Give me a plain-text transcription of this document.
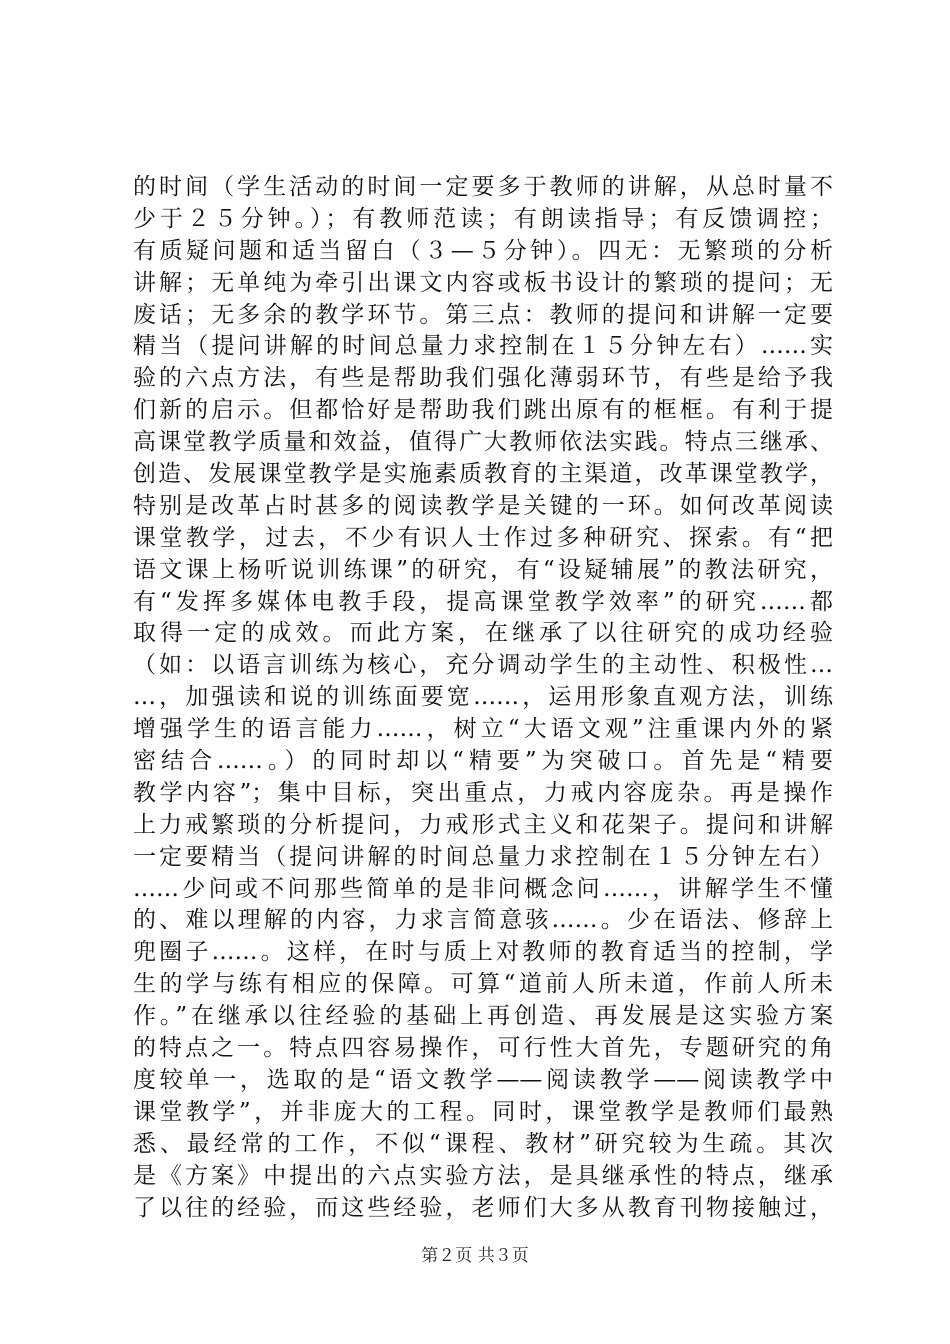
的时间（学生活动的时间一定要多于教师的讲解，从总时量不
少于２５分钟。）；有教师范读；有朗读指导；有反馈调控；
有质疑问题和适当留白（３—５分钟）。四无：无繁琐的分析
讲解；无单纯为牵引出课文内容或板书设计的繁琐的提问；无
废话；无多余的教学环节。第三点：教师的提问和讲解一定要
精当（提问讲解的时间总量力求控制在１５分钟左右）……实
验的六点方法，有些是帮助我们强化薄弱环节，有些是给予我
们新的启示。但都恰好是帮助我们跳出原有的框框。有利于提
高课堂教学质量和效益，值得广大教师依法实践。特点三继承、
创造、发展课堂教学是实施素质教育的主渠道，改革课堂教学，
特别是改革占时甚多的阅读教学是关键的一环。如何改革阅读
课堂教学，过去，不少有识人士作过多种研究、探索。有“把
语文课上杨听说训练课”的研究，有“设疑辅展”的教法研究，
有“发挥多媒体电教手段，提高课堂教学效率”的研究……都
取得一定的成效。而此方案，在继承了以往研究的成功经验
（如：以语言训练为核心，充分调动学生的主动性、积极性…
…，加强读和说的训练面要宽……，运用形象直观方法，训练
增强学生的语言能力……，树立“大语文观”注重课内外的紧
密结合……。）的同时却以“精要”为突破口。首先是“精要
教学内容”；集中目标，突出重点，力戒内容庞杂。再是操作
上力戒繁琐的分析提问，力戒形式主义和花架子。提问和讲解
一定要精当（提问讲解的时间总量力求控制在１５分钟左右）
……少问或不问那些简单的是非问概念问……，讲解学生不懂
的、难以理解的内容，力求言简意骇……。少在语法、修辞上
兜圈子……。这样，在时与质上对教师的教育适当的控制，学
生的学与练有相应的保障。可算“道前人所未道，作前人所未
作。”在继承以往经验的基础上再创造、再发展是这实验方案
的特点之一。特点四容易操作，可行性大首先，专题研究的角
度较单一，选取的是“语文教学——阅读教学——阅读教学中
课堂教学”，并非庞大的工程。同时，课堂教学是教师们最熟
悉、最经常的工作，不似“课程、教材”研究较为生疏。其次
是《方案》中提出的六点实验方法，是具继承性的特点，继承
了以往的经验，而这些经验，老师们大多从教育刊物接触过，
第２页 共３页
